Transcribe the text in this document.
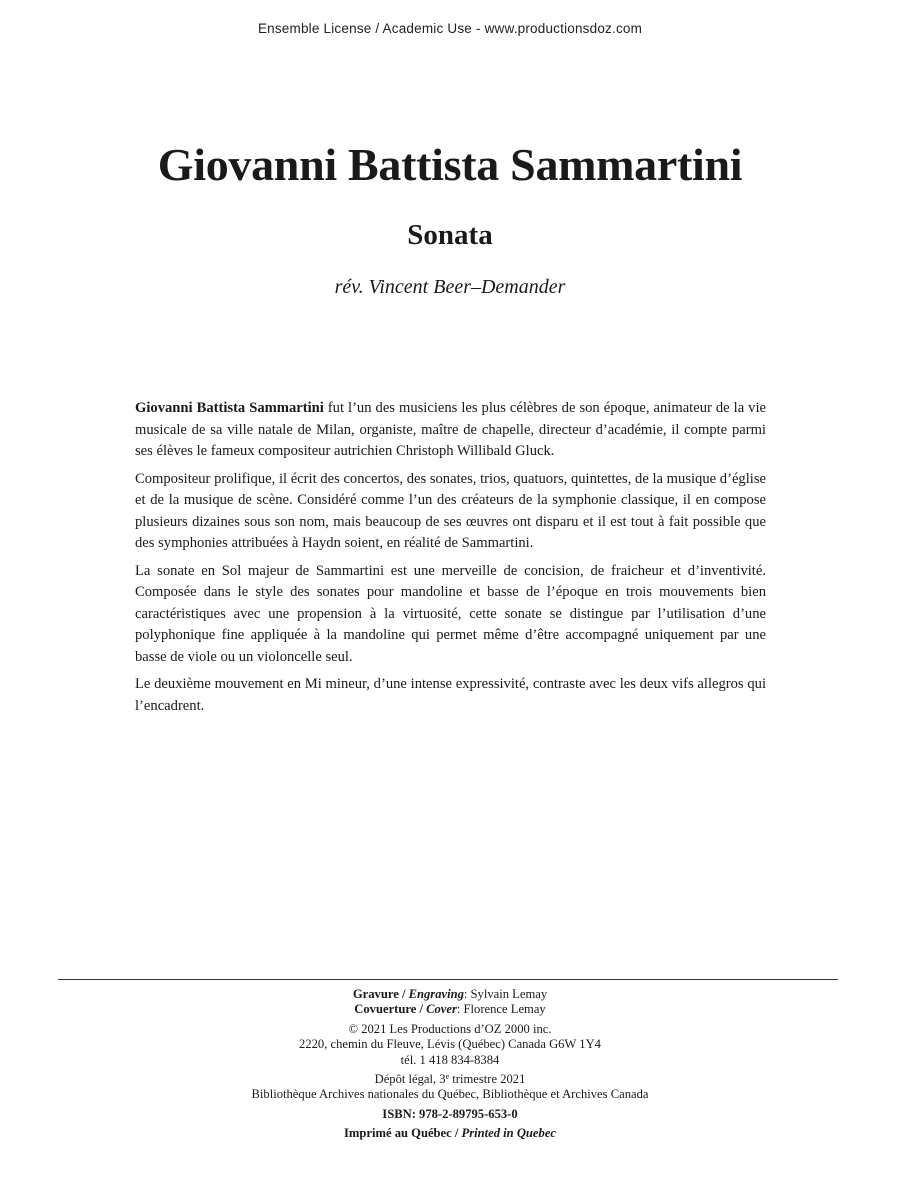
Ensemble License / Academic Use - www.productionsdoz.com
Giovanni Battista Sammartini
Sonata
rév. Vincent Beer–Demander

Giovanni Battista Sammartini fut l’un des musiciens les plus célèbres de son époque, animateur de la vie musicale de sa ville natale de Milan, organiste, maître de chapelle, directeur d’académie, il compte parmi ses élèves le fameux compositeur autrichien Christoph Willibald Gluck.

Compositeur prolifique, il écrit des concertos, des sonates, trios, quatuors, quintettes, de la musique d’église et de la musique de scène. Considéré comme l’un des créateurs de la symphonie classique, il en compose plusieurs dizaines sous son nom, mais beaucoup de ses œuvres ont disparu et il est tout à fait possible que des symphonies attribuées à Haydn soient, en réalité de Sammartini.

La sonate en Sol majeur de Sammartini est une merveille de concision, de fraicheur et d’inventivité. Composée dans le style des sonates pour mandoline et basse de l’époque en trois mouvements bien caractéristiques avec une propension à la virtuosité, cette sonate se distingue par l’utilisation d’une polyphonique fine appliquée à la mandoline qui permet même d’être accompagné uniquement par une basse de viole ou un violoncelle seul.

Le deuxième mouvement en Mi mineur, d’une intense expressivité, contraste avec les deux vifs allegros qui l’encadrent.

Gravure / Engraving: Sylvain Lemay
Covuerture / Cover: Florence Lemay
© 2021 Les Productions d’OZ 2000 inc.
2220, chemin du Fleuve, Lévis (Québec) Canada G6W 1Y4
tél. 1 418 834-8384
Dépôt légal, 3e trimestre 2021
Bibliothèque Archives nationales du Québec, Bibliothèque et Archives Canada
ISBN: 978-2-89795-653-0
Imprimé au Québec / Printed in Quebec
